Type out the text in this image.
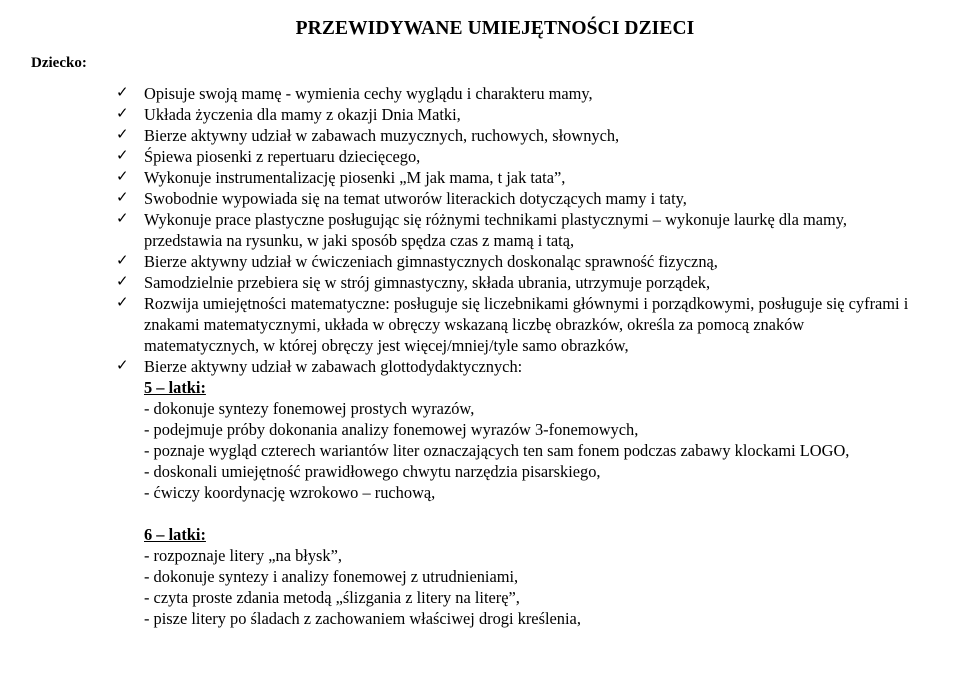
PRZEWIDYWANE UMIEJĘTNOŚCI DZIECI
Dziecko:
✓ Opisuje swoją mamę - wymienia cechy wyglądu i charakteru mamy,
✓ Układa życzenia dla mamy z okazji Dnia Matki,
✓ Bierze aktywny udział w zabawach muzycznych, ruchowych, słownych,
✓ Śpiewa piosenki z repertuaru dziecięcego,
✓ Wykonuje instrumentalizację piosenki „M jak mama, t jak tata”,
✓ Swobodnie wypowiada się na temat utworów literackich dotyczących mamy i taty,
✓ Wykonuje prace plastyczne posługując się różnymi technikami plastycznymi – wykonuje laurkę dla mamy, przedstawia na rysunku, w jaki sposób spędza czas z mamą i tatą,
✓ Bierze aktywny udział w ćwiczeniach gimnastycznych doskonaląc sprawność fizyczną,
✓ Samodzielnie przebiera się w strój gimnastyczny, składa ubrania, utrzymuje porządek,
✓ Rozwija umiejętności matematyczne: posługuje się liczebnikami głównymi i porządkowymi, posługuje się cyframi i znakami matematycznymi, układa w obręczy wskazaną liczbę obrazków, określa za pomocą znaków matematycznych, w której obręczy jest więcej/mniej/tyle samo obrazków,
✓ Bierze aktywny udział w zabawach glottodydaktycznych:
5 – latki:
- dokonuje syntezy fonemowej prostych wyrazów,
- podejmuje próby dokonania analizy fonemowej wyrazów 3-fonemowych,
- poznaje wygląd czterech wariantów liter oznaczających ten sam fonem podczas zabawy klockami LOGO,
- doskonali umiejętność prawidłowego chwytu narzędzia pisarskiego,
- ćwiczy koordynację wzrokowo – ruchową,
6 – latki:
- rozpoznaje litery „na błysk”,
- dokonuje syntezy i analizy fonemowej z utrudnieniami,
- czyta proste zdania metodą „ślizgania z litery na literę”,
- pisze litery po śladach z zachowaniem właściwej drogi kreślenia,
